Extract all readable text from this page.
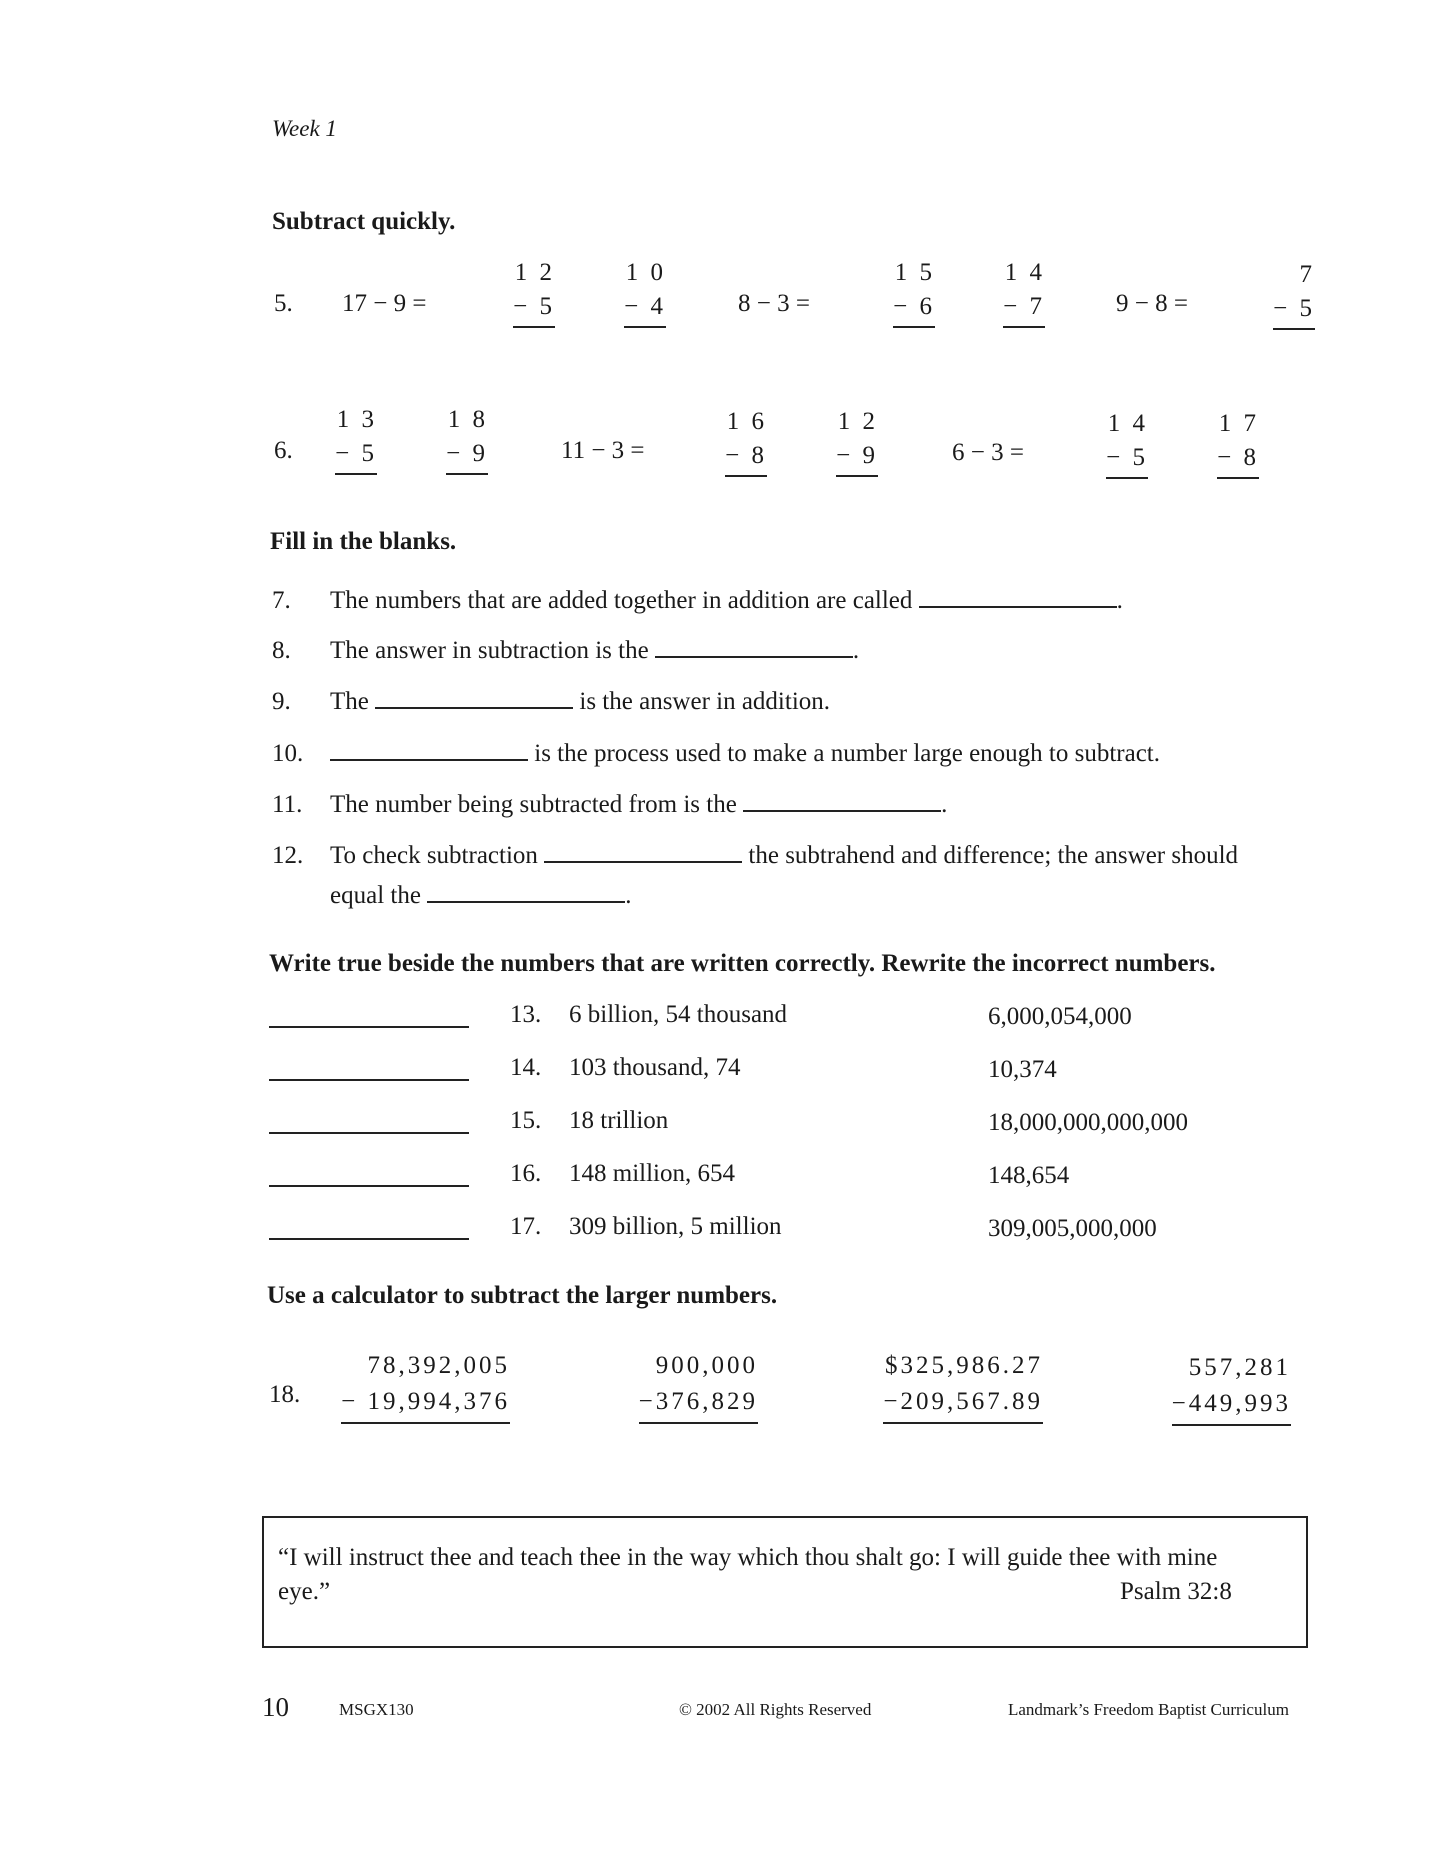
Week 1
Subtract quickly.
5. 17 − 9 =
1 2
− 5
1 0
− 4	8 − 3 =
1 5
− 6
1 4
− 7	9 − 8 =
7
− 5
6.
1 3
− 5
1 8
− 9	11 − 3 =
1 6
− 8
1 2
− 9	6 − 3 =
1 4
− 5
1 7
− 8
Fill in the blanks.
7. The numbers that are added together in addition are called	.
8. The answer in subtraction is the	.
9. The	is the answer in addition.
10.	is the process used to make a number large enough to subtract.
11. The number being subtracted from is the	.
12. To check subtraction	the subtrahend and difference; the answer should
equal the	.
Write true beside the numbers that are written correctly. Rewrite the incorrect numbers.
13. 6 billion, 54 thousand	6,000,054,000
14. 103 thousand, 74	10,374
15. 18 trillion	18,000,000,000,000
16. 148 million, 654	148,654
17. 309 billion, 5 million	309,005,000,000
Use a calculator to subtract the larger numbers.
18.
78,392,005
− 19,994,376
900,000
−376,829
$325,986.27
−209,567.89
557,281
−449,993
“I will instruct thee and teach thee in the way which thou shalt go: I will guide thee with mine
eye.”	Psalm 32:8
10	MSGX130	© 2002 All Rights Reserved	Landmark’s Freedom Baptist Curriculum
